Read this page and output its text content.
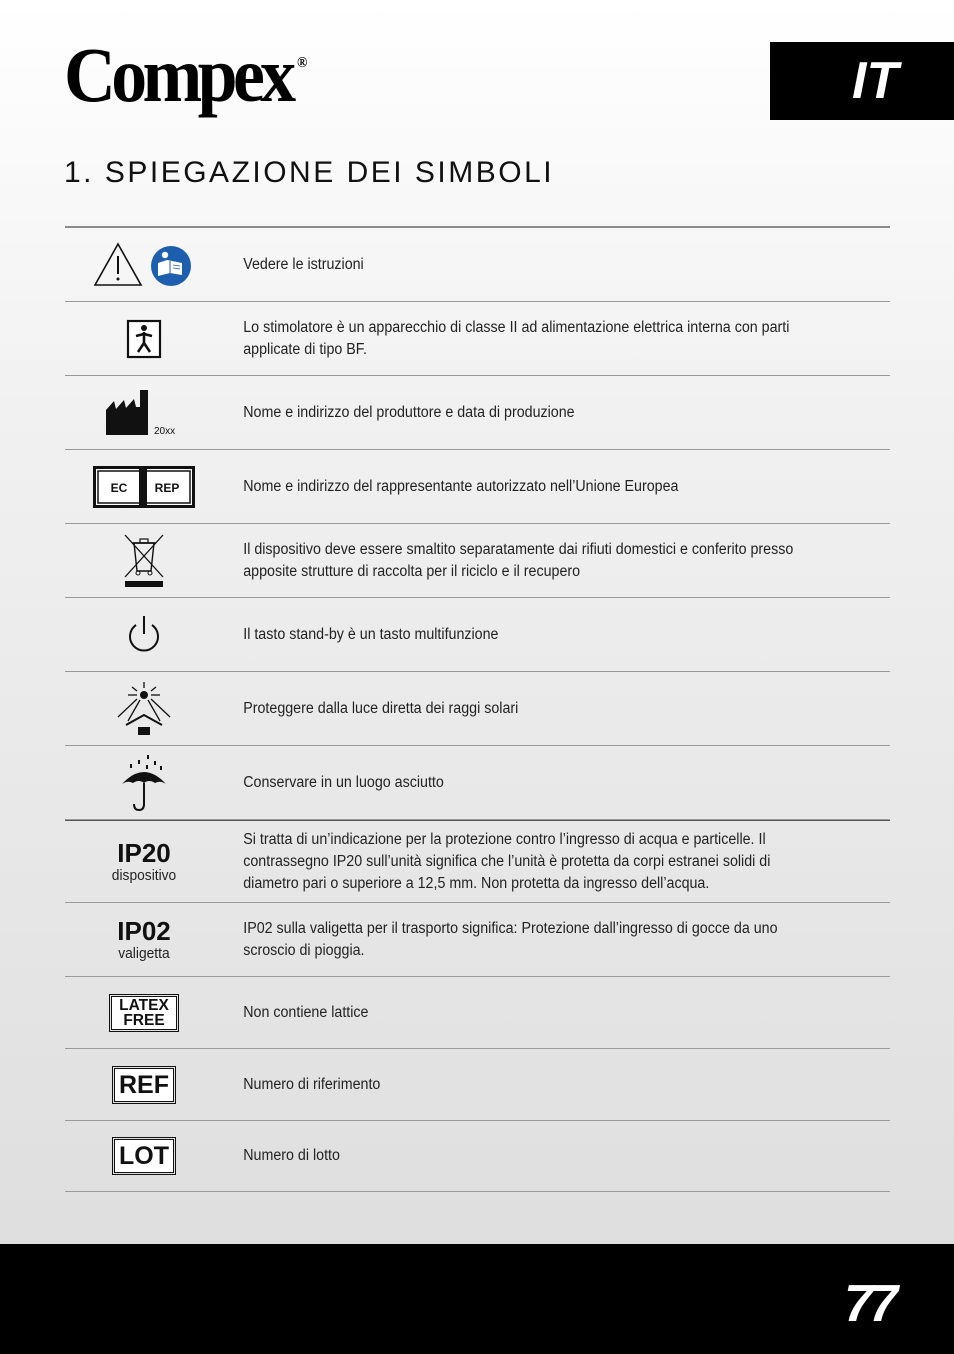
Compex ®	IT
1. SPIEGAZIONE DEI SIMBOLI
Vedere le istruzioni
Lo stimolatore è un apparecchio di classe II ad alimentazione elettrica interna con parti applicate di tipo BF.
20xx
Nome e indirizzo del produttore e data di produzione
EC REP	Nome e indirizzo del rappresentante autorizzato nell’Unione Europea
Il dispositivo deve essere smaltito separatamente dai rifiuti domestici e conferito presso apposite strutture di raccolta per il riciclo e il recupero
Il tasto stand-by è un tasto multifunzione
Proteggere dalla luce diretta dei raggi solari
Conservare in un luogo asciutto
IP20
dispositivo
Si tratta di un’indicazione per la protezione contro l’ingresso di acqua e particelle. Il contrassegno IP20 sull’unità significa che l’unità è protetta da corpi estranei solidi di diametro pari o superiore a 12,5 mm. Non protetta da ingresso dell’acqua.
IP02
valigetta
IP02 sulla valigetta per il trasporto significa: Protezione dall’ingresso di gocce da uno scroscio di pioggia.
LATEX
FREE	Non contiene lattice
REF	Numero di riferimento
LOT	Numero di lotto
77
